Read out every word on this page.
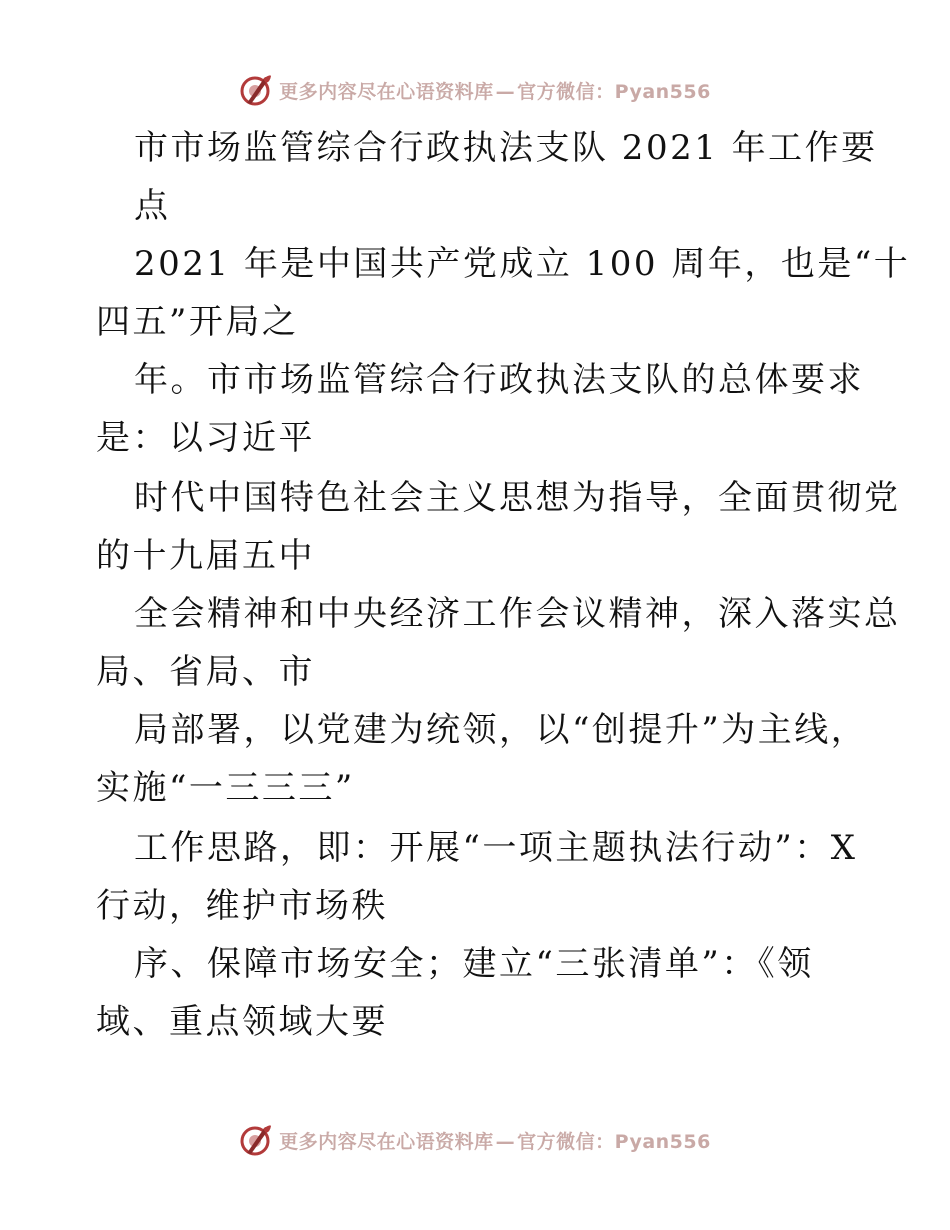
更多内容尽在心语资料库 — 官方微信：Pyan556
市市场监管综合行政执法支队 2021 年工作要
点
2021 年是中国共产党成立 100 周年，也是“十
四五”开局之
年。市市场监管综合行政执法支队的总体要求
是：以习近平
时代中国特色社会主义思想为指导，全面贯彻党
的十九届五中
全会精神和中央经济工作会议精神，深入落实总
局、省局、市
局部署，以党建为统领，以“创提升”为主线，
实施“一三三三”
工作思路，即：开展“一项主题执法行动”：X
行动，维护市场秩
序、保障市场安全；建立“三张清单”：《领
域、重点领域大要
更多内容尽在心语资料库 — 官方微信：Pyan556
